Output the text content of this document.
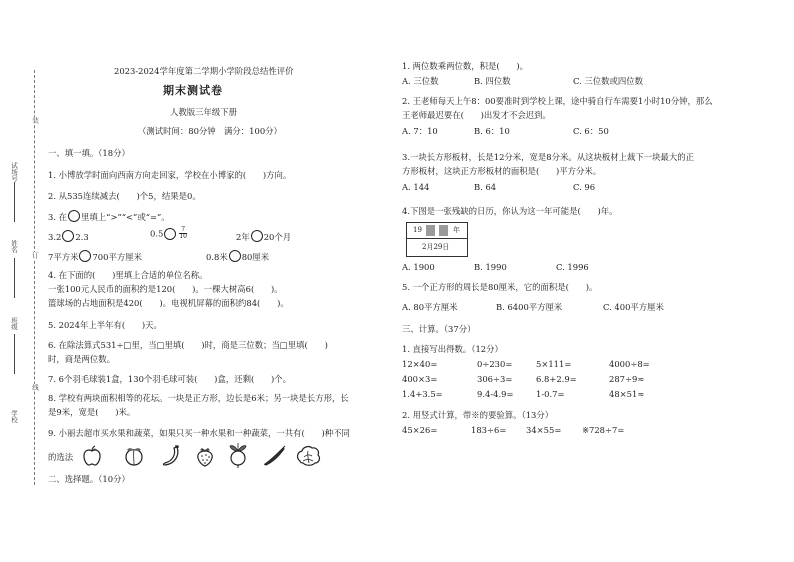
装
订
线
试场号
姓名
班级
学校
2023-2024学年度第二学期小学阶段总结性评价
期末测试卷
人教版三年级下册
（测试时间：80分钟　满分：100分）
一、填一填。（18分）
1. 小博放学时面向西南方向走回家，学校在小博家的(　　)方向。
2. 从535连续减去(　　)个5，结果是0。
3. 在 里填上“>”“<”或“=”。
3.2 2.3	0.5	$\frac{7}{10}$	2年 20个月
7平方米 700平方厘米	0.8米 80厘米
4. 在下面的(　　)里填上合适的单位名称。
一张100元人民币的面积约是120(　　)。一棵大树高6(　　)。
篮球场的占地面积是420(　　)。电视机屏幕的面积约84(　　)。
5. 2024年上半年有(　　)天。
6. 在除法算式531÷□里，当□里填(　　)时，商是三位数；当□里填(　　)
时，商是两位数。
7. 6个羽毛球装1盒，130个羽毛球可装(　　)盒，还剩(　　)个。
8. 学校有两块面积相等的花坛。一块是正方形，边长是6米；另一块是长方形，长
是9米，宽是(　　)米。
9. 小丽去超市买水果和蔬菜，如果只买一种水果和一种蔬菜，一共有(　　)种不同
的选法
二、选择题。（10分）
1. 两位数乘两位数，积是(　　)。
A. 三位数	B. 四位数	C. 三位数或四位数
2. 王老师每天上午8：00要准时到学校上课，途中骑自行车需要1小时10分钟，那么
王老师最迟要在(　　)出发才不会迟到。
A. 7：10	B. 6：10	C. 6：50
3.一块长方形板材，长是12分米，宽是8分米。从这块板材上裁下一块最大的正
方形板材，这块正方形板材的面积是(　　)平方分米。
A. 144	B. 64	C. 96
4.下图是一张残缺的日历，你认为这一年可能是(　　)年。
19	年
2月29日
A. 1900	B. 1990	C. 1996
5. 一个正方形的周长是80厘米，它的面积是(　　)。
A. 80平方厘米	B. 6400平方厘米	C. 400平方厘米
三、计算。（37分）
1. 直接写出得数。（12分）
12×40=	0÷230=	5×111=	4000÷8=
400×3=	306÷3=	6.8+2.9=	287÷9≈
1.4+3.5=	9.4-4.9=	1-0.7=	48×51≈
2. 用竖式计算，带※的要验算。（13分）
45×26=	183÷6= 34×55= ※728÷7=
